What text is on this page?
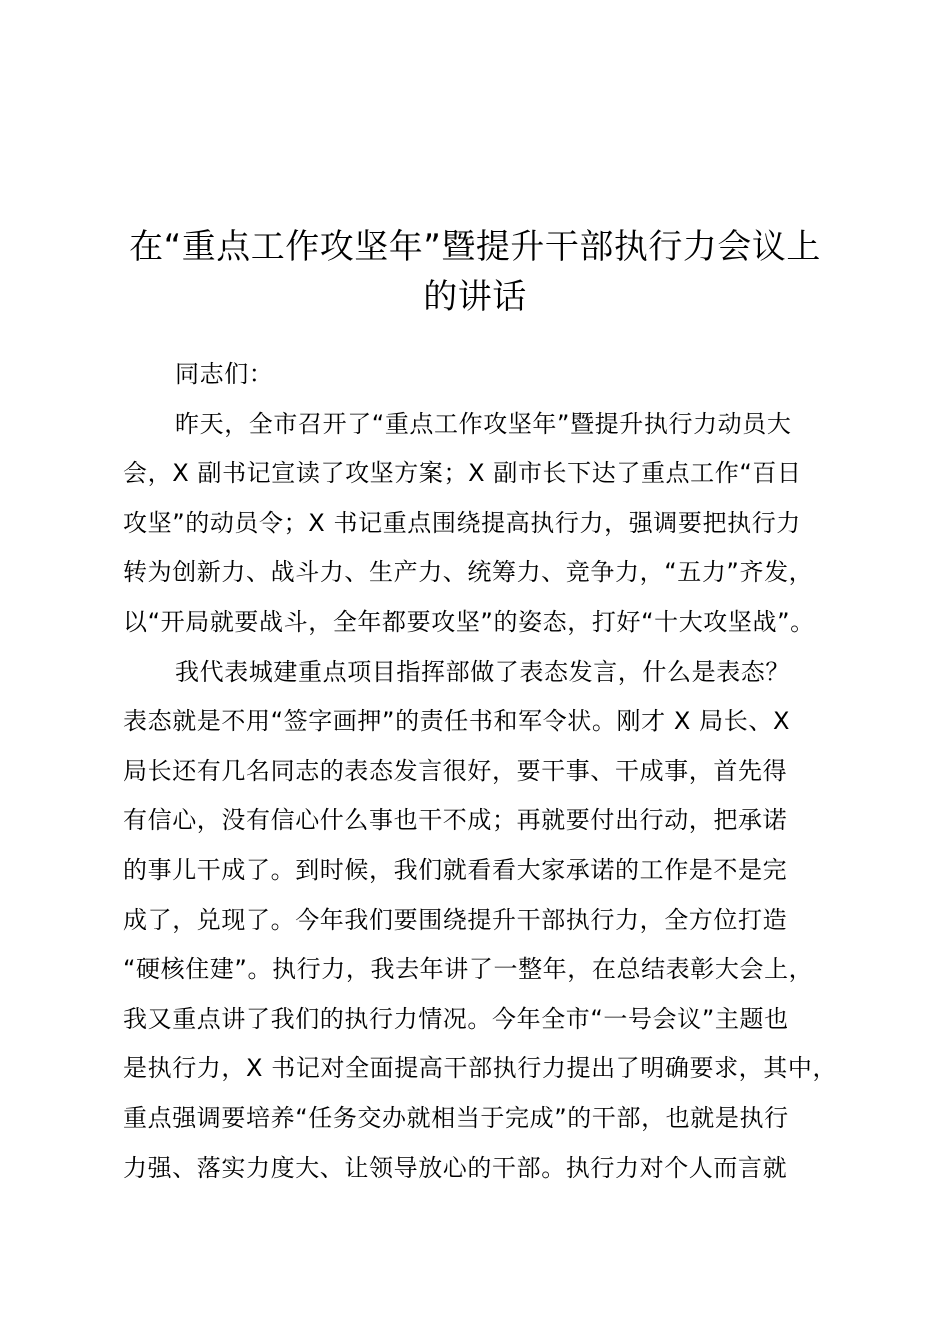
在“重点工作攻坚年”暨提升干部执行力会议上
的讲话
同志们：
昨天，全市召开了“重点工作攻坚年”暨提升执行力动员大
会，X 副书记宣读了攻坚方案；X 副市长下达了重点工作“百日
攻坚”的动员令；X 书记重点围绕提高执行力，强调要把执行力
转为创新力、战斗力、生产力、统筹力、竞争力，“五力”齐发，
以“开局就要战斗，全年都要攻坚”的姿态，打好“十大攻坚战”。
我代表城建重点项目指挥部做了表态发言，什么是表态？
表态就是不用“签字画押”的责任书和军令状。刚才 X 局长、X
局长还有几名同志的表态发言很好，要干事、干成事，首先得
有信心，没有信心什么事也干不成；再就要付出行动，把承诺
的事儿干成了。到时候，我们就看看大家承诺的工作是不是完
成了，兑现了。今年我们要围绕提升干部执行力，全方位打造
“硬核住建”。执行力，我去年讲了一整年，在总结表彰大会上，
我又重点讲了我们的执行力情况。今年全市“一号会议”主题也
是执行力，X 书记对全面提高干部执行力提出了明确要求，其中，
重点强调要培养“任务交办就相当于完成”的干部，也就是执行
力强、落实力度大、让领导放心的干部。执行力对个人而言就
